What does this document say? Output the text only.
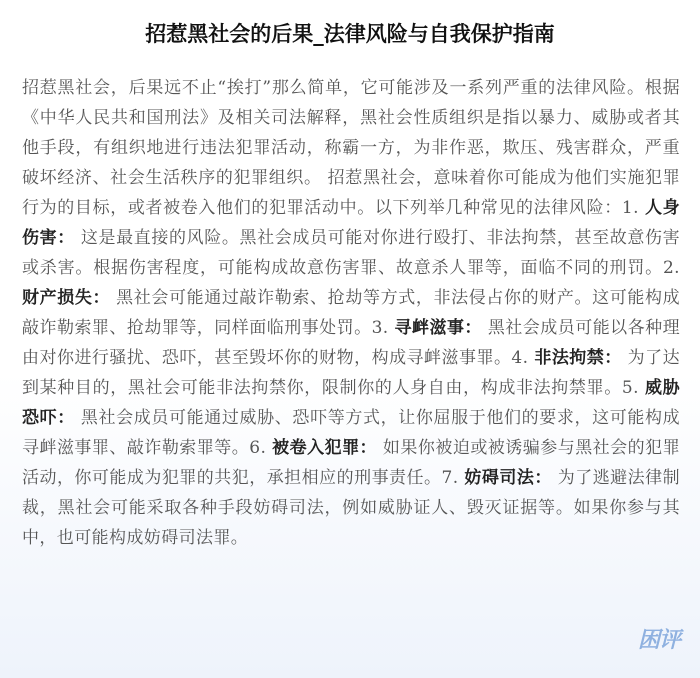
招惹黑社会的后果_法律风险与自我保护指南

招惹黑社会，后果远不止“挨打”那么简单，它可能涉及一系列严重的法律风险。根据《中华人民共和国刑法》及相关司法解释，黑社会性质组织是指以暴力、威胁或者其他手段，有组织地进行违法犯罪活动，称霸一方，为非作恶，欺压、残害群众，严重破坏经济、社会生活秩序的犯罪组织。 招惹黑社会，意味着你可能成为他们实施犯罪行为的目标，或者被卷入他们的犯罪活动中。以下列举几种常见的法律风险：1. 人身伤害： 这是最直接的风险。黑社会成员可能对你进行殴打、非法拘禁，甚至故意伤害或杀害。根据伤害程度，可能构成故意伤害罪、故意杀人罪等，面临不同的刑罚。2. 财产损失： 黑社会可能通过敲诈勒索、抢劫等方式，非法侵占你的财产。这可能构成敲诈勒索罪、抢劫罪等，同样面临刑事处罚。3. 寻衅滋事： 黑社会成员可能以各种理由对你进行骚扰、恐吓，甚至毁坏你的财物，构成寻衅滋事罪。4. 非法拘禁： 为了达到某种目的，黑社会可能非法拘禁你，限制你的人身自由，构成非法拘禁罪。5. 威胁恐吓： 黑社会成员可能通过威胁、恐吓等方式，让你屈服于他们的要求，这可能构成寻衅滋事罪、敲诈勒索罪等。6. 被卷入犯罪： 如果你被迫或被诱骗参与黑社会的犯罪活动，你可能成为犯罪的共犯，承担相应的刑事责任。7. 妨碍司法： 为了逃避法律制裁，黑社会可能采取各种手段妨碍司法，例如威胁证人、毁灭证据等。如果你参与其中，也可能构成妨碍司法罪。

困评
